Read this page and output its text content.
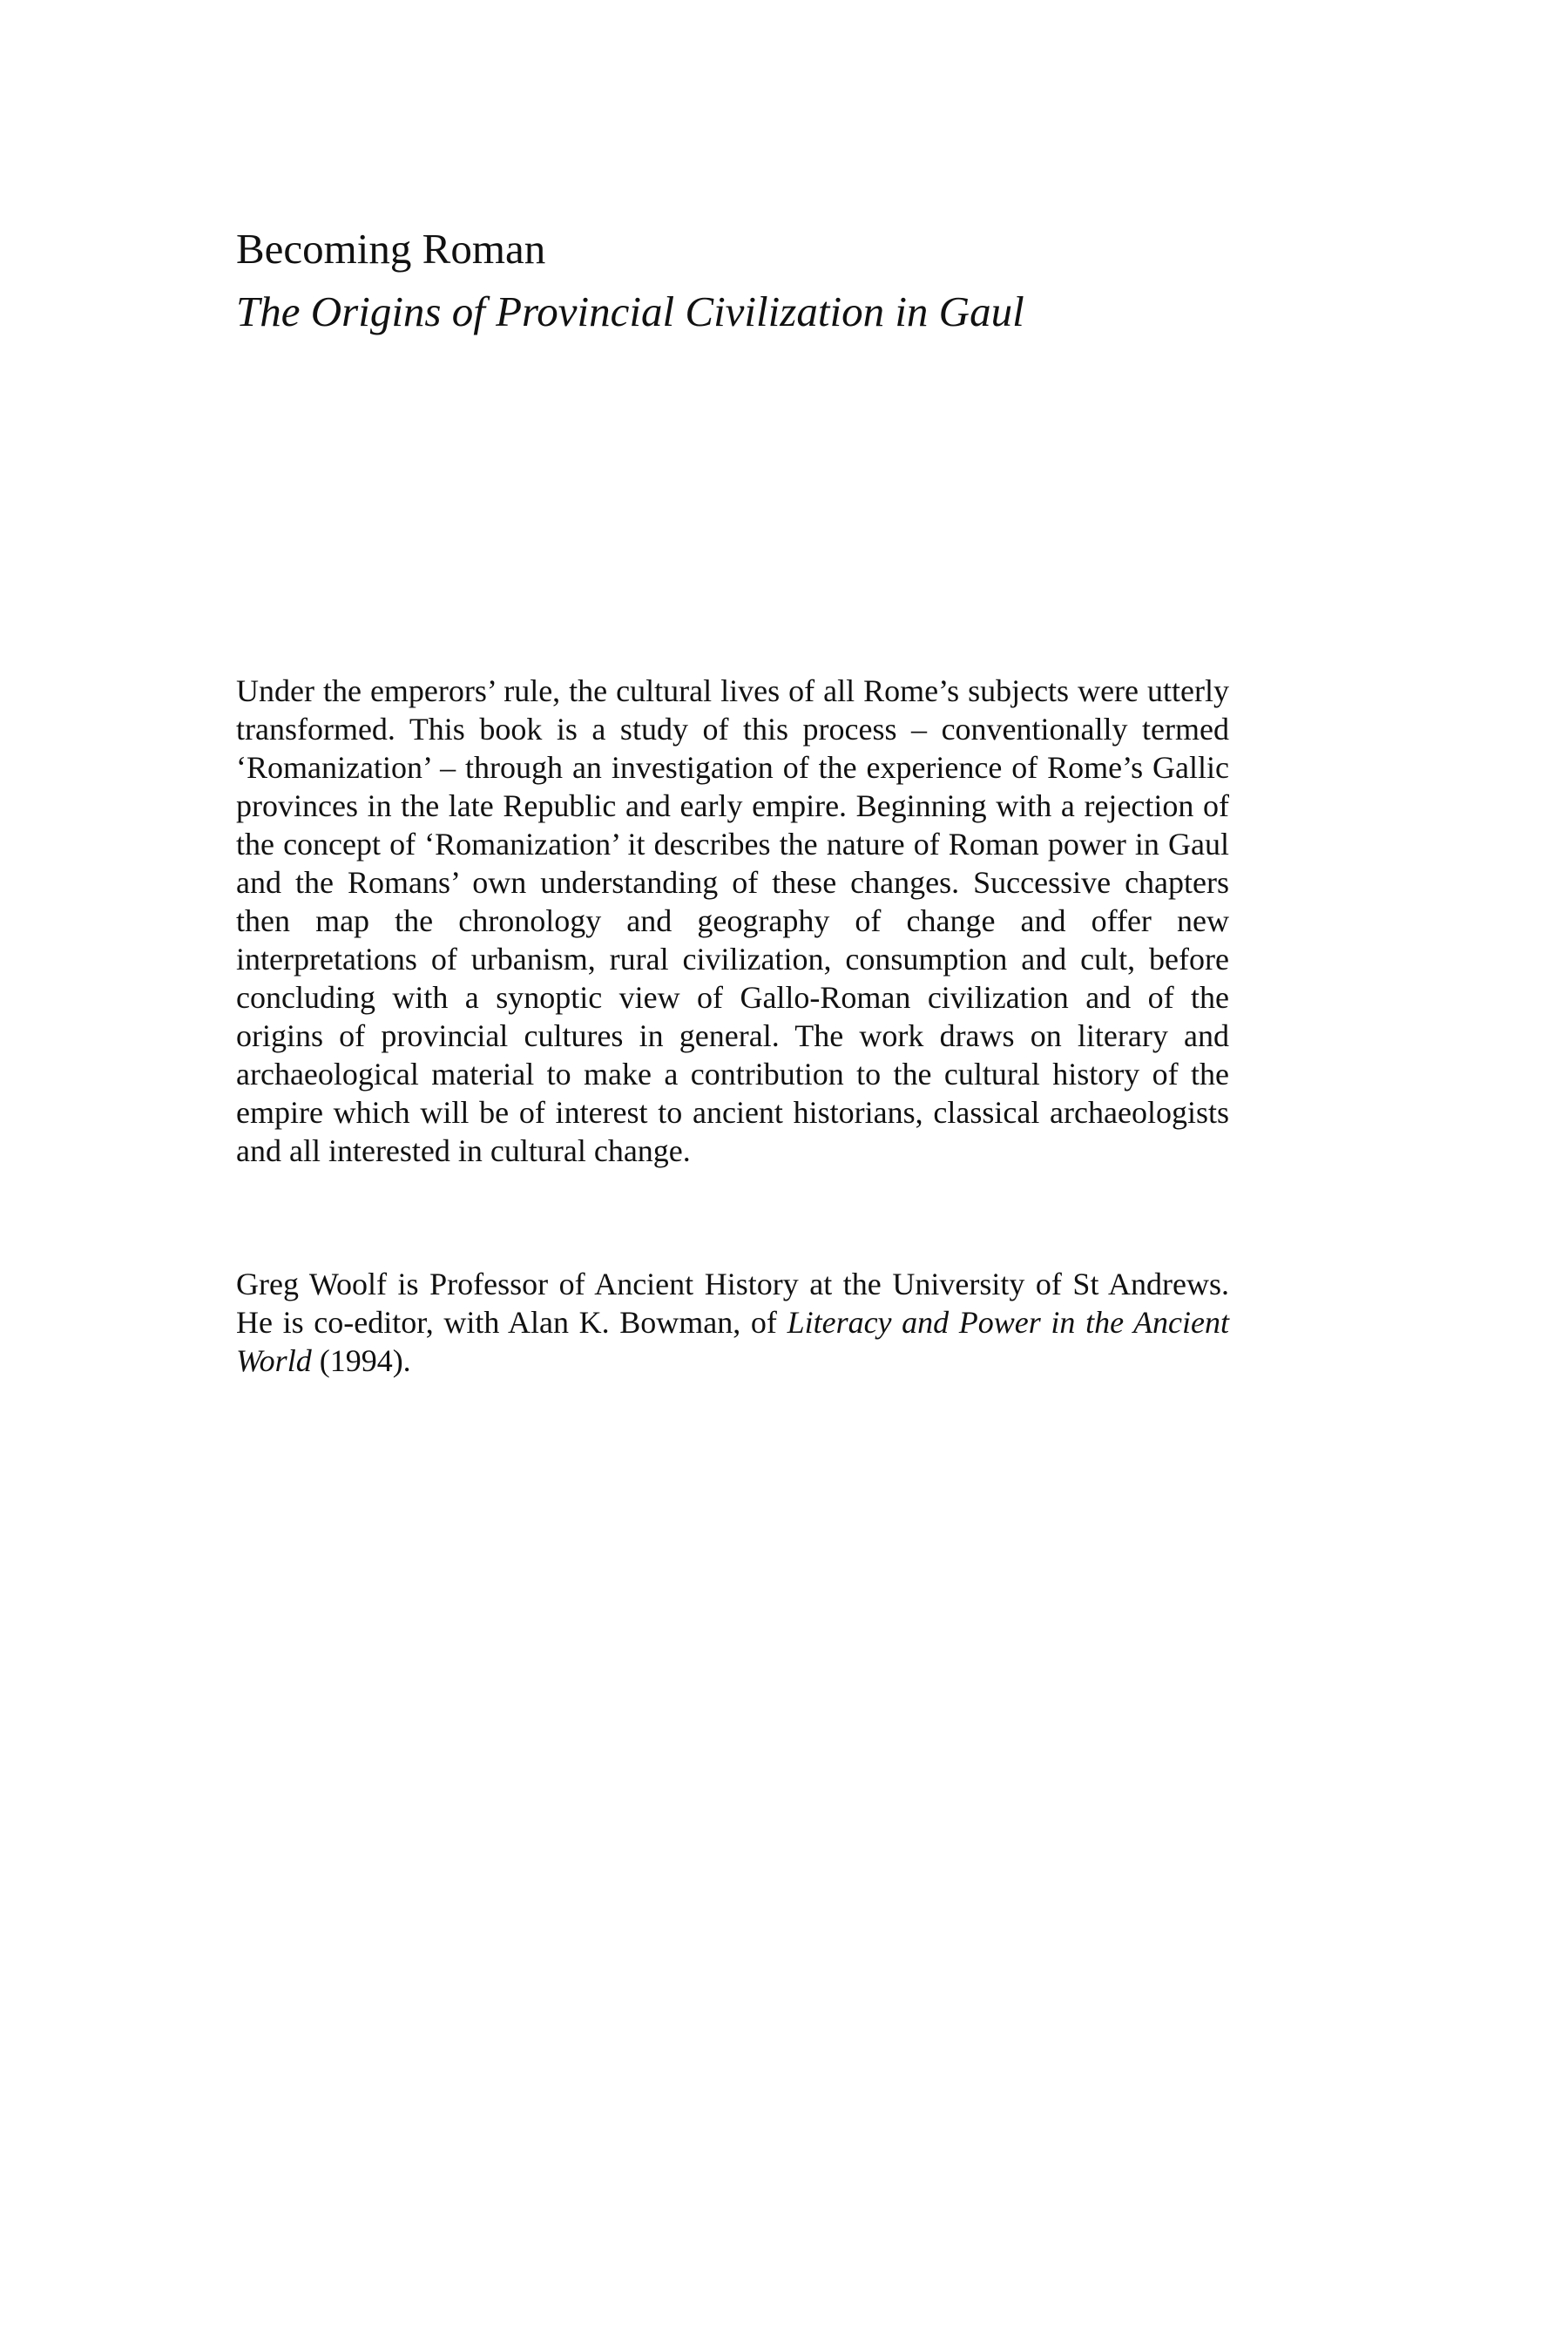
Becoming Roman
The Origins of Provincial Civilization in Gaul

Under the emperors’ rule, the cultural lives of all Rome’s subjects were utterly transformed. This book is a study of this process – conventionally termed ‘Romanization’ – through an investigation of the experience of Rome’s Gallic provinces in the late Republic and early empire. Beginning with a rejection of the concept of ‘Romanization’ it describes the nature of Roman power in Gaul and the Romans’ own understanding of these changes. Successive chapters then map the chronology and geography of change and offer new interpretations of urbanism, rural civilization, consumption and cult, before concluding with a synoptic view of Gallo-Roman civilization and of the origins of provincial cultures in general. The work draws on literary and archaeological material to make a contribution to the cultural history of the empire which will be of interest to ancient historians, classical archaeologists and all interested in cultural change.

Greg Woolf is Professor of Ancient History at the University of St Andrews. He is co-editor, with Alan K. Bowman, of Literacy and Power in the Ancient World (1994).
